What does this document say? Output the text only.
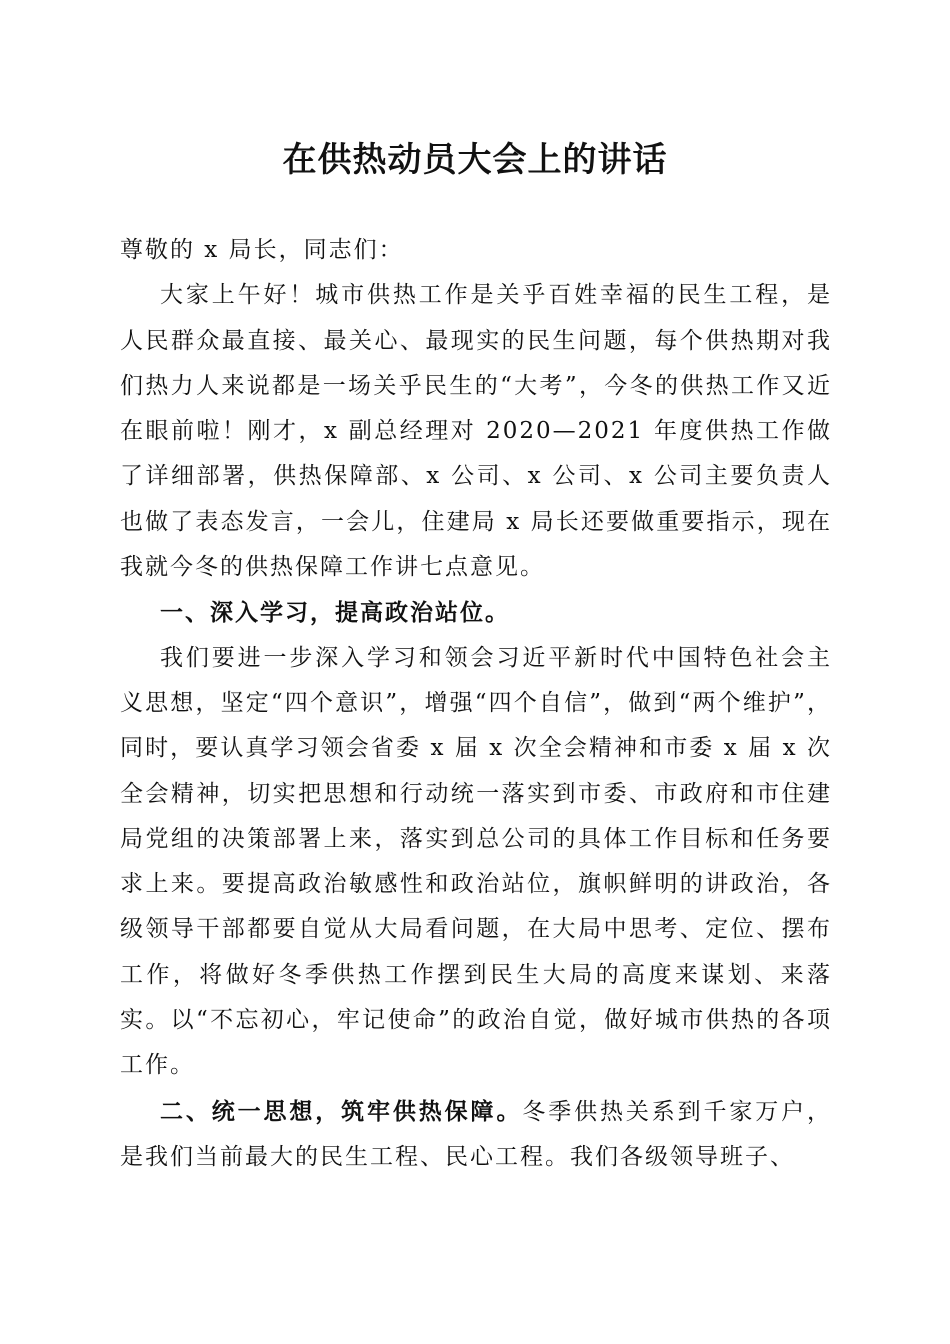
在供热动员大会上的讲话

尊敬的 x 局长，同志们：

大家上午好！城市供热工作是关乎百姓幸福的民生工程，是人民群众最直接、最关心、最现实的民生问题，每个供热期对我们热力人来说都是一场关乎民生的“大考”，今冬的供热工作又近在眼前啦！刚才，x 副总经理对 2020—2021 年度供热工作做了详细部署，供热保障部、x 公司、x 公司、x 公司主要负责人也做了表态发言，一会儿，住建局 x 局长还要做重要指示，现在我就今冬的供热保障工作讲七点意见。

一、深入学习，提高政治站位。

我们要进一步深入学习和领会习近平新时代中国特色社会主义思想，坚定“四个意识”，增强“四个自信”，做到“两个维护”，同时，要认真学习领会省委 x 届 x 次全会精神和市委 x 届 x 次全会精神，切实把思想和行动统一落实到市委、市政府和市住建局党组的决策部署上来，落实到总公司的具体工作目标和任务要求上来。要提高政治敏感性和政治站位，旗帜鲜明的讲政治，各级领导干部都要自觉从大局看问题，在大局中思考、定位、摆布工作，将做好冬季供热工作摆到民生大局的高度来谋划、来落实。以“不忘初心，牢记使命”的政治自觉，做好城市供热的各项工作。

二、统一思想，筑牢供热保障。冬季供热关系到千家万户，是我们当前最大的民生工程、民心工程。我们各级领导班子、
